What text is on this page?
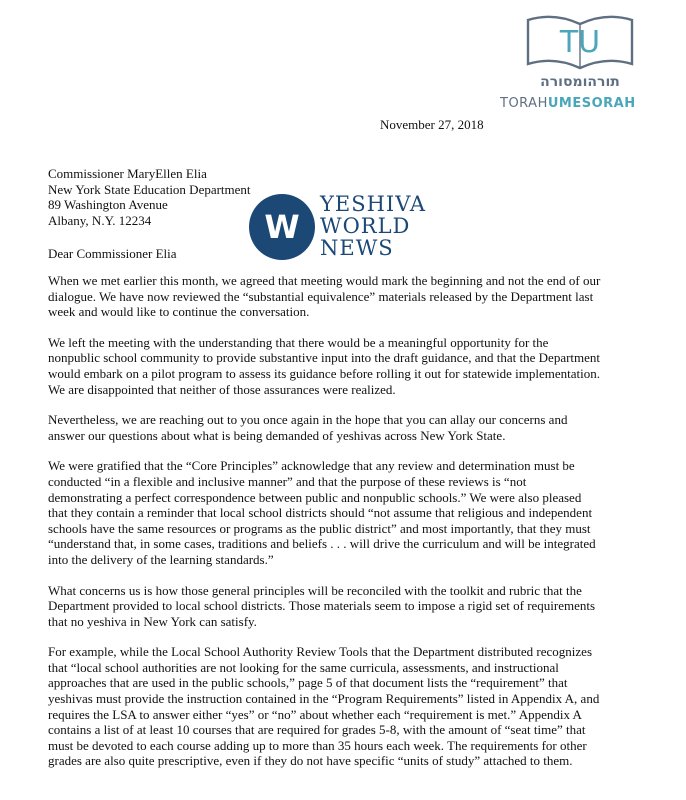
TU
תורהומסורה
TORAHUMESORAH
November 27, 2018
Commissioner MaryEllen Elia
New York State Education Department
89 Washington Avenue
Albany, N.Y. 12234	W
YESHIVA
WORLD
NEWS
Dear Commissioner Elia
When we met earlier this month, we agreed that meeting would mark the beginning and not the end of our
dialogue. We have now reviewed the “substantial equivalence” materials released by the Department last
week and would like to continue the conversation.
We left the meeting with the understanding that there would be a meaningful opportunity for the
nonpublic school community to provide substantive input into the draft guidance, and that the Department
would embark on a pilot program to assess its guidance before rolling it out for statewide implementation.
We are disappointed that neither of those assurances were realized.
Nevertheless, we are reaching out to you once again in the hope that you can allay our concerns and
answer our questions about what is being demanded of yeshivas across New York State.
We were gratified that the “Core Principles” acknowledge that any review and determination must be
conducted “in a flexible and inclusive manner” and that the purpose of these reviews is “not
demonstrating a perfect correspondence between public and nonpublic schools.” We were also pleased
that they contain a reminder that local school districts should “not assume that religious and independent
schools have the same resources or programs as the public district” and most importantly, that they must
“understand that, in some cases, traditions and beliefs . . . will drive the curriculum and will be integrated
into the delivery of the learning standards.”
What concerns us is how those general principles will be reconciled with the toolkit and rubric that the
Department provided to local school districts. Those materials seem to impose a rigid set of requirements
that no yeshiva in New York can satisfy.
For example, while the Local School Authority Review Tools that the Department distributed recognizes
that “local school authorities are not looking for the same curricula, assessments, and instructional
approaches that are used in the public schools,” page 5 of that document lists the “requirement” that
yeshivas must provide the instruction contained in the “Program Requirements” listed in Appendix A, and
requires the LSA to answer either “yes” or “no” about whether each “requirement is met.” Appendix A
contains a list of at least 10 courses that are required for grades 5-8, with the amount of “seat time” that
must be devoted to each course adding up to more than 35 hours each week. The requirements for other
grades are also quite prescriptive, even if they do not have specific “units of study” attached to them.
